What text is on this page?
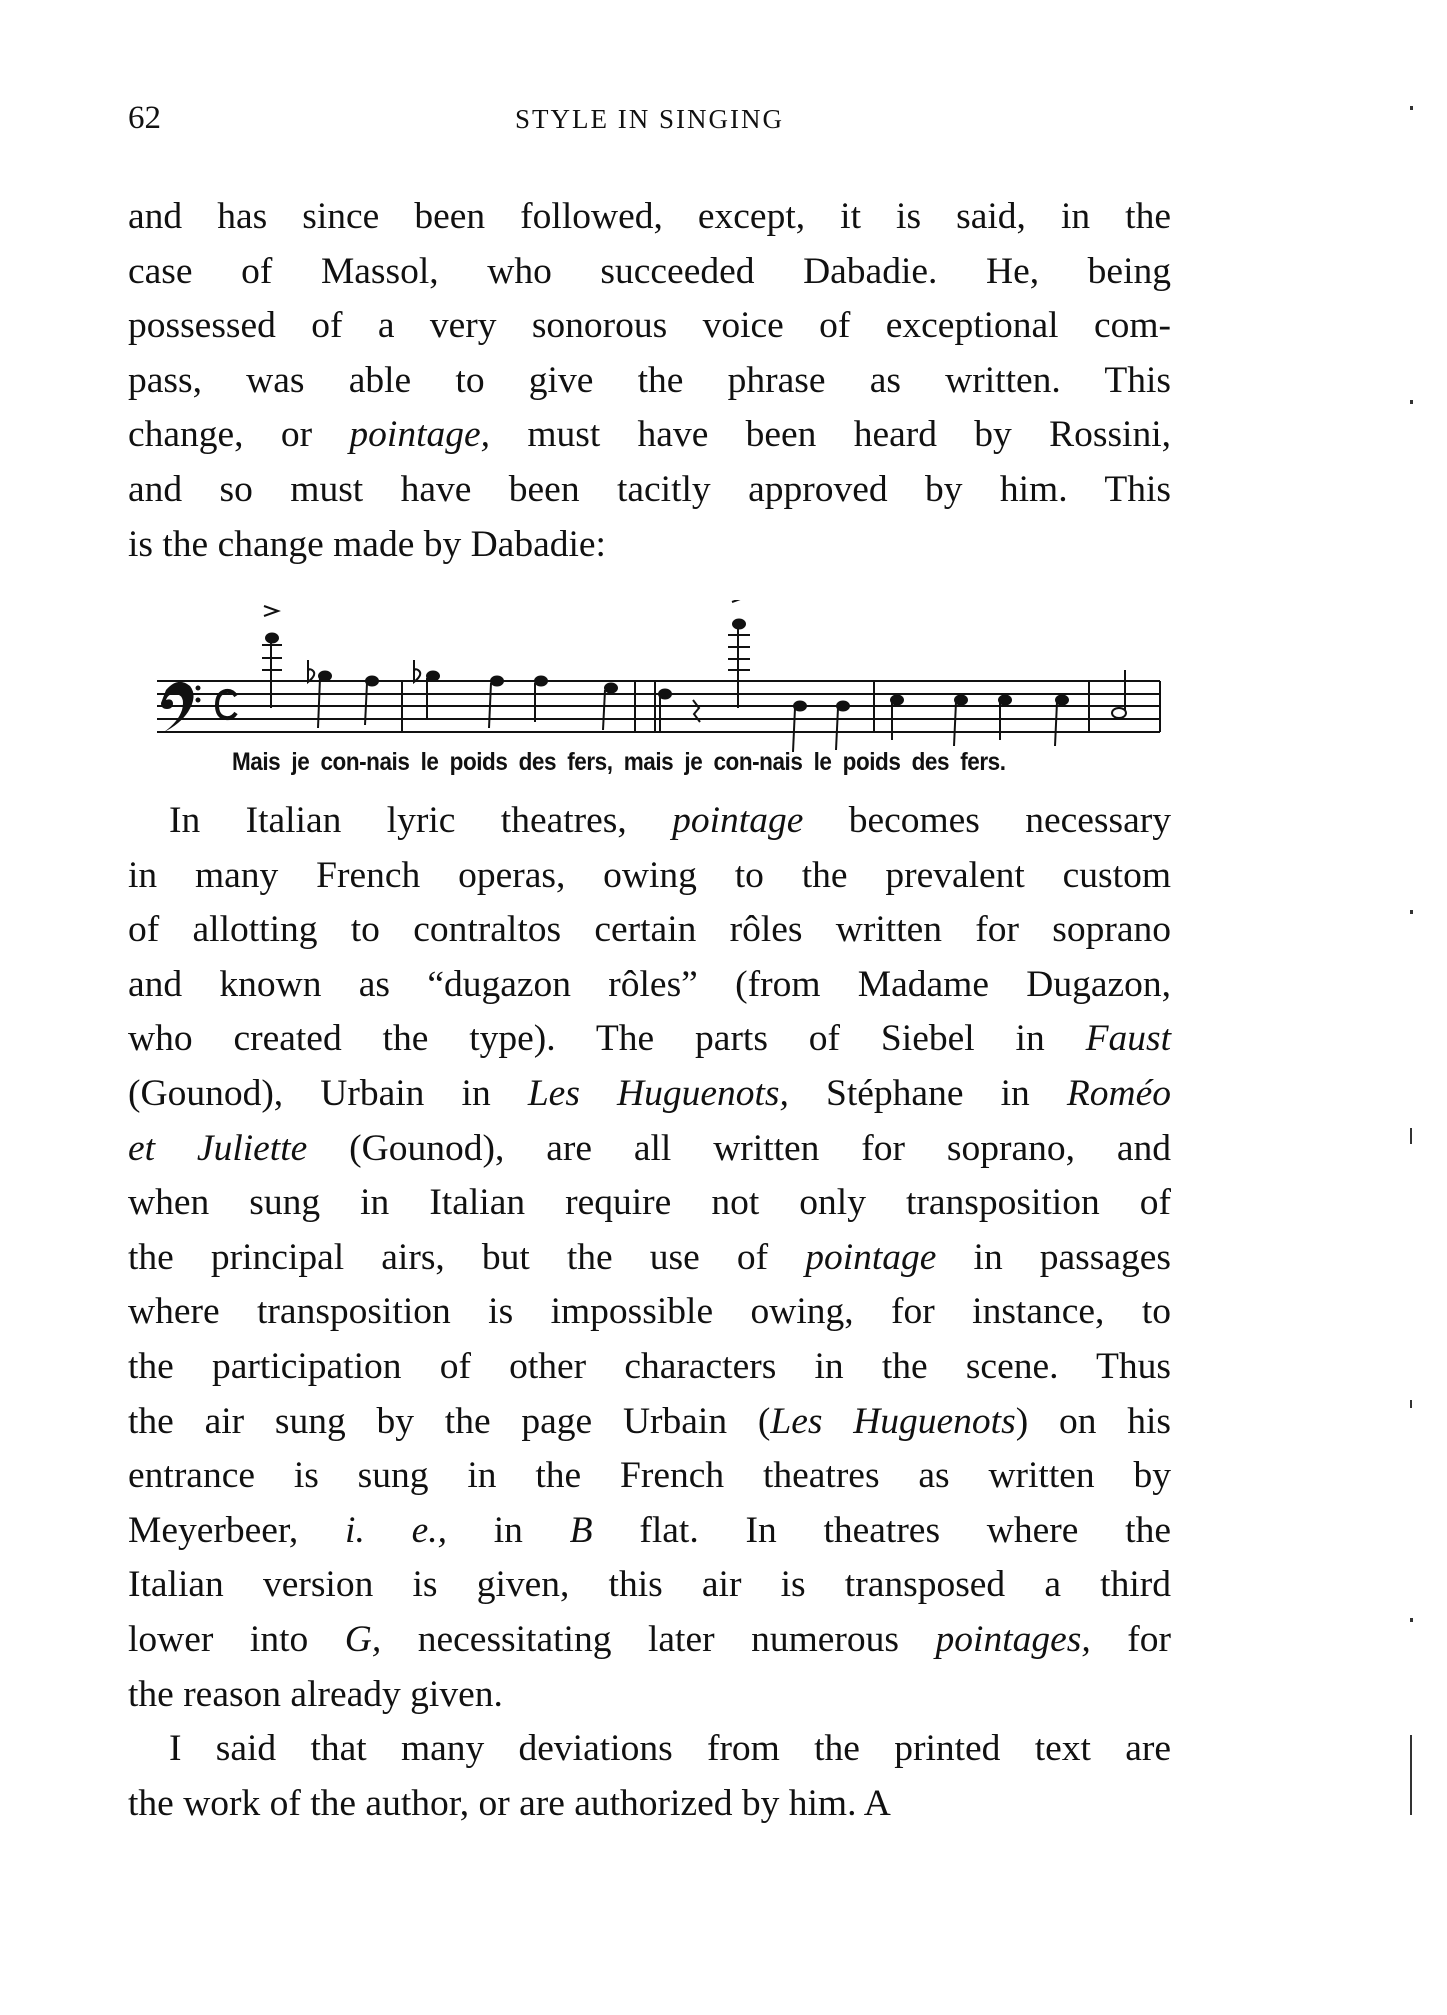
62	STYLE IN SINGING
and has since been followed, except, it is said, in the
case of Massol, who succeeded Dabadie. He, being
possessed of a very sonorous voice of exceptional com-
pass, was able to give the phrase as written. This
change, or pointage, must have been heard by Rossini,
and so must have been tacitly approved by him. This
is the change made by Dabadie:
Mais je con-nais le poids des fers, mais je con-nais le poids des fers.
In Italian lyric theatres, pointage becomes necessary
in many French operas, owing to the prevalent custom
of allotting to contraltos certain rôles written for soprano
and known as “dugazon rôles” (from Madame Dugazon,
who created the type). The parts of Siebel in Faust
(Gounod), Urbain in Les Huguenots, Stéphane in Roméo
et Juliette (Gounod), are all written for soprano, and
when sung in Italian require not only transposition of
the principal airs, but the use of pointage in passages
where transposition is impossible owing, for instance, to
the participation of other characters in the scene. Thus
the air sung by the page Urbain (Les Huguenots) on his
entrance is sung in the French theatres as written by
Meyerbeer, i. e., in B flat. In theatres where the
Italian version is given, this air is transposed a third
lower into G, necessitating later numerous pointages, for
the reason already given.
I said that many deviations from the printed text are
the work of the author, or are authorized by him. A
